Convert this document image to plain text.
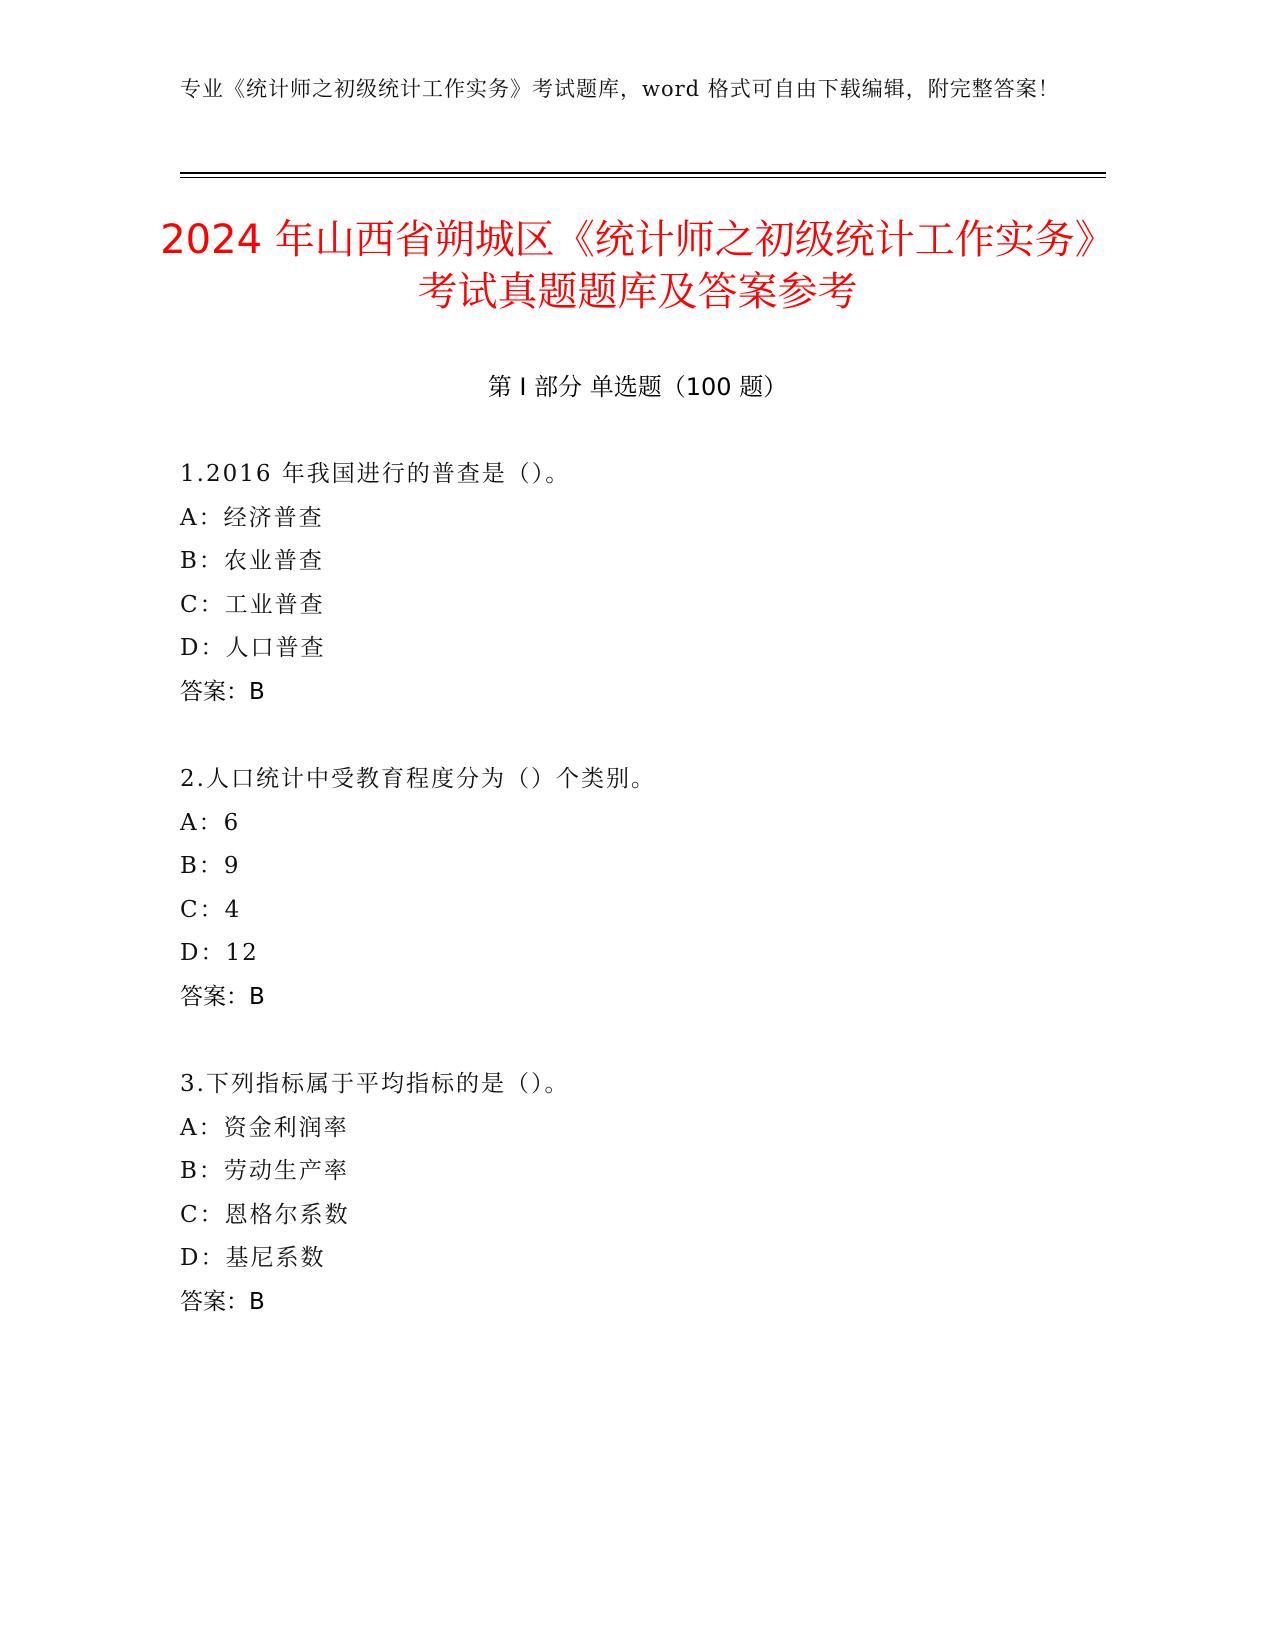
专业《统计师之初级统计工作实务》考试题库，word 格式可自由下载编辑，附完整答案！
2024 年山西省朔城区《统计师之初级统计工作实务》考试真题题库及答案参考
第 I 部分 单选题（100 题）
1.2016 年我国进行的普查是（）。
A：经济普查
B：农业普查
C：工业普查
D：人口普查
答案：B
2.人口统计中受教育程度分为（）个类别。
A：6
B：9
C：4
D：12
答案：B
3.下列指标属于平均指标的是（）。
A：资金利润率
B：劳动生产率
C：恩格尔系数
D：基尼系数
答案：B
